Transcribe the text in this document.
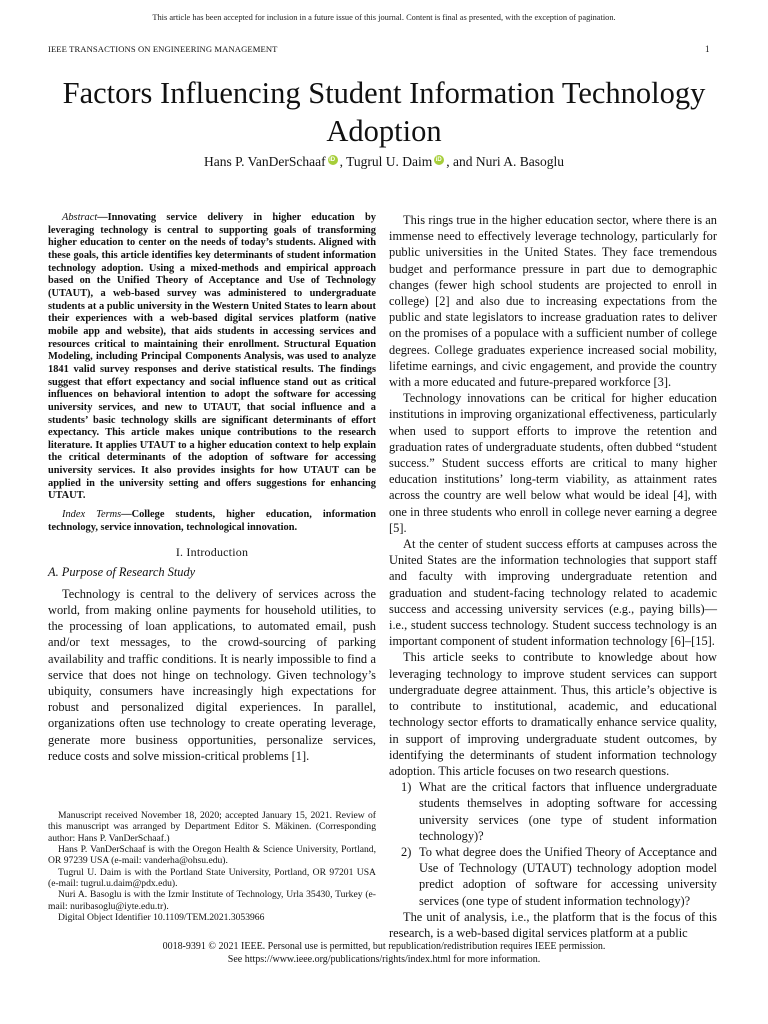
This article has been accepted for inclusion in a future issue of this journal. Content is final as presented, with the exception of pagination.
IEEE TRANSACTIONS ON ENGINEERING MANAGEMENT	1
Factors Influencing Student Information Technology Adoption
Hans P. VanDerSchaaf iD , Tugrul U. Daim iD , and Nuri A. Basoglu

Abstract—Innovating service delivery in higher education by leveraging technology is central to supporting goals of transforming higher education to center on the needs of today’s students. Aligned with these goals, this article identifies key determinants of student information technology adoption. Using a mixed-methods and empirical approach based on the Unified Theory of Acceptance and Use of Technology (UTAUT), a web-based survey was administered to undergraduate students at a public university in the Western United States to learn about their experiences with a web-based digital services platform (native mobile app and website), that aids students in accessing services and resources critical to maintaining their enrollment. Structural Equation Modeling, including Principal Components Analysis, was used to analyze 1841 valid survey responses and derive statistical results. The findings suggest that effort expectancy and social influence stand out as critical influences on behavioral intention to adopt the software for accessing university services, and new to UTAUT, that social influence and a students’ basic technology skills are significant determinants of effort expectancy. This article makes unique contributions to the research literature. It applies UTAUT to a higher education context to help explain the critical determinants of the adoption of software for accessing university services. It also provides insights for how UTAUT can be applied in the university setting and offers suggestions for enhancing UTAUT.

Index Terms—College students, higher education, information technology, service innovation, technological innovation.

I. Introduction
A. Purpose of Research Study

Technology is central to the delivery of services across the world, from making online payments for household utilities, to the processing of loan applications, to automated email, push and/or text messages, to the crowd-sourcing of parking availability and traffic conditions. It is nearly impossible to find a service that does not hinge on technology. Given technology’s ubiquity, consumers have increasingly high expectations for robust and personalized digital experiences. In parallel, organizations often use technology to create operating leverage, generate more business opportunities, personalize services, reduce costs and solve mission-critical problems [1].

Manuscript received November 18, 2020; accepted January 15, 2021. Review of this manuscript was arranged by Department Editor S. Mäkinen. (Corresponding author: Hans P. VanDerSchaaf.)

Hans P. VanDerSchaaf is with the Oregon Health & Science University, Portland, OR 97239 USA (e-mail: vanderha@ohsu.edu).

Tugrul U. Daim is with the Portland State University, Portland, OR 97201 USA (e-mail: tugrul.u.daim@pdx.edu).

Nuri A. Basoglu is with the Izmir Institute of Technology, Urla 35430, Turkey (e-mail: nuribasoglu@iyte.edu.tr).

Digital Object Identifier 10.1109/TEM.2021.3053966

This rings true in the higher education sector, where there is an immense need to effectively leverage technology, particularly for public universities in the United States. They face tremendous budget and performance pressure in part due to demographic changes (fewer high school students are projected to enroll in college) [2] and also due to increasing expectations from the public and state legislators to increase graduation rates to deliver on the promises of a populace with a sufficient number of college degrees. College graduates experience increased social mobility, lifetime earnings, and civic engagement, and provide the country with a more educated and future-prepared workforce [3].

Technology innovations can be critical for higher education institutions in improving organizational effectiveness, particularly when used to support efforts to improve the retention and graduation rates of undergraduate students, often dubbed “student success.” Student success efforts are critical to many higher education institutions’ long-term viability, as attainment rates across the country are well below what would be ideal [4], with one in three students who enroll in college never earning a degree [5].

At the center of student success efforts at campuses across the United States are the information technologies that support staff and faculty with improving undergraduate retention and graduation and student-facing technology related to academic success and accessing university services (e.g., paying bills)—i.e., student success technology. Student success technology is an important component of student information technology [6]–[15].

This article seeks to contribute to knowledge about how leveraging technology to improve student services can support undergraduate degree attainment. Thus, this article’s objective is to contribute to institutional, academic, and educational technology sector efforts to dramatically enhance service quality, in support of improving undergraduate student outcomes, by identifying the determinants of student information technology adoption. This article focuses on two research questions.

1) What are the critical factors that influence undergraduate students themselves in adopting software for accessing university services (one type of student information technology)?
2) To what degree does the Unified Theory of Acceptance and Use of Technology (UTAUT) technology adoption model predict adoption of software for accessing university services (one type of student information technology)?

The unit of analysis, i.e., the platform that is the focus of this research, is a web-based digital services platform at a public

0018-9391 © 2021 IEEE. Personal use is permitted, but republication/redistribution requires IEEE permission.
See https://www.ieee.org/publications/rights/index.html for more information.
